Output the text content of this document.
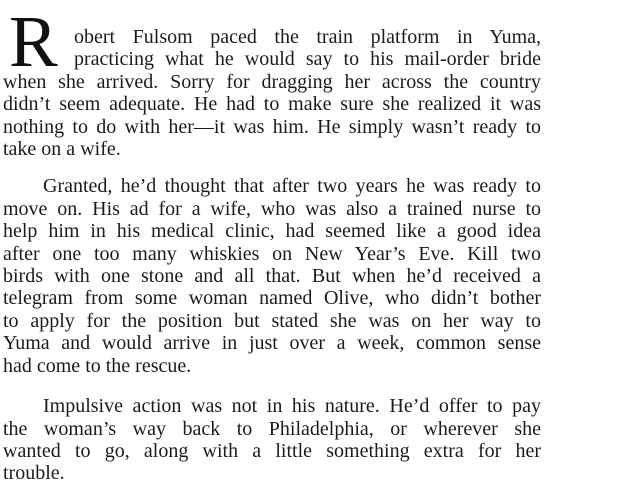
R obert Fulsom paced the train platform in Yuma,
practicing what he would say to his mail-order bride
when she arrived. Sorry for dragging her across the country
didn’t seem adequate. He had to make sure she realized it was
nothing to do with her—it was him. He simply wasn’t ready to
take on a wife.
Granted, he’d thought that after two years he was ready to
move on. His ad for a wife, who was also a trained nurse to
help him in his medical clinic, had seemed like a good idea
after one too many whiskies on New Year’s Eve. Kill two
birds with one stone and all that. But when he’d received a
telegram from some woman named Olive, who didn’t bother
to apply for the position but stated she was on her way to
Yuma and would arrive in just over a week, common sense
had come to the rescue.
Impulsive action was not in his nature. He’d offer to pay
the woman’s way back to Philadelphia, or wherever she
wanted to go, along with a little something extra for her
trouble.
